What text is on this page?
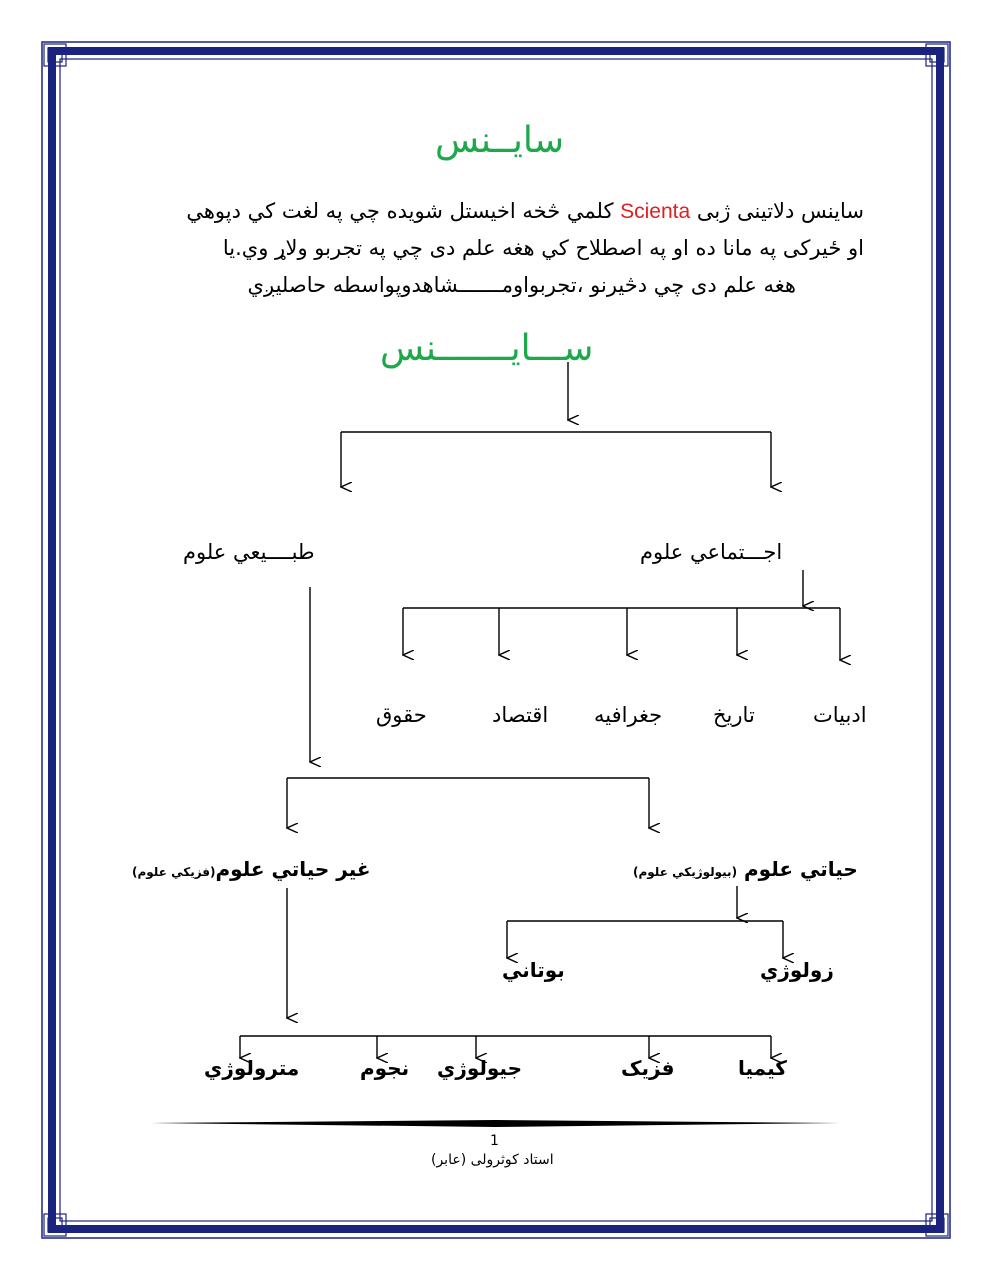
سایــنس
ساینس دلاتینی ژبی Scienta کلمي څخه اخیستل شویده چي په لغت کي دپوهي
او ځیرکی په مانا ده او په اصطلاح کي هغه علم دی چي په تجربو ولاړ وي.یا
هغه علم دی چي دڅیرنو ،تجربواومـــــــشاهدوپواسطه حاصلیږي
ســـایـــــــنس
اجـــتماعي علوم
طبــــیعي علوم
ادبیات
تاریخ
جغرافیه
اقتصاد
حقوق
حیاتي علوم (بیولوژیکي علوم)
غیر حیاتي علوم(فزیکي علوم)
زولوژي
بوتاني
کیمیا
فزیک
جیولوژي
نجوم
مترولوژي
1
استاد کوثرولی (عابر)
